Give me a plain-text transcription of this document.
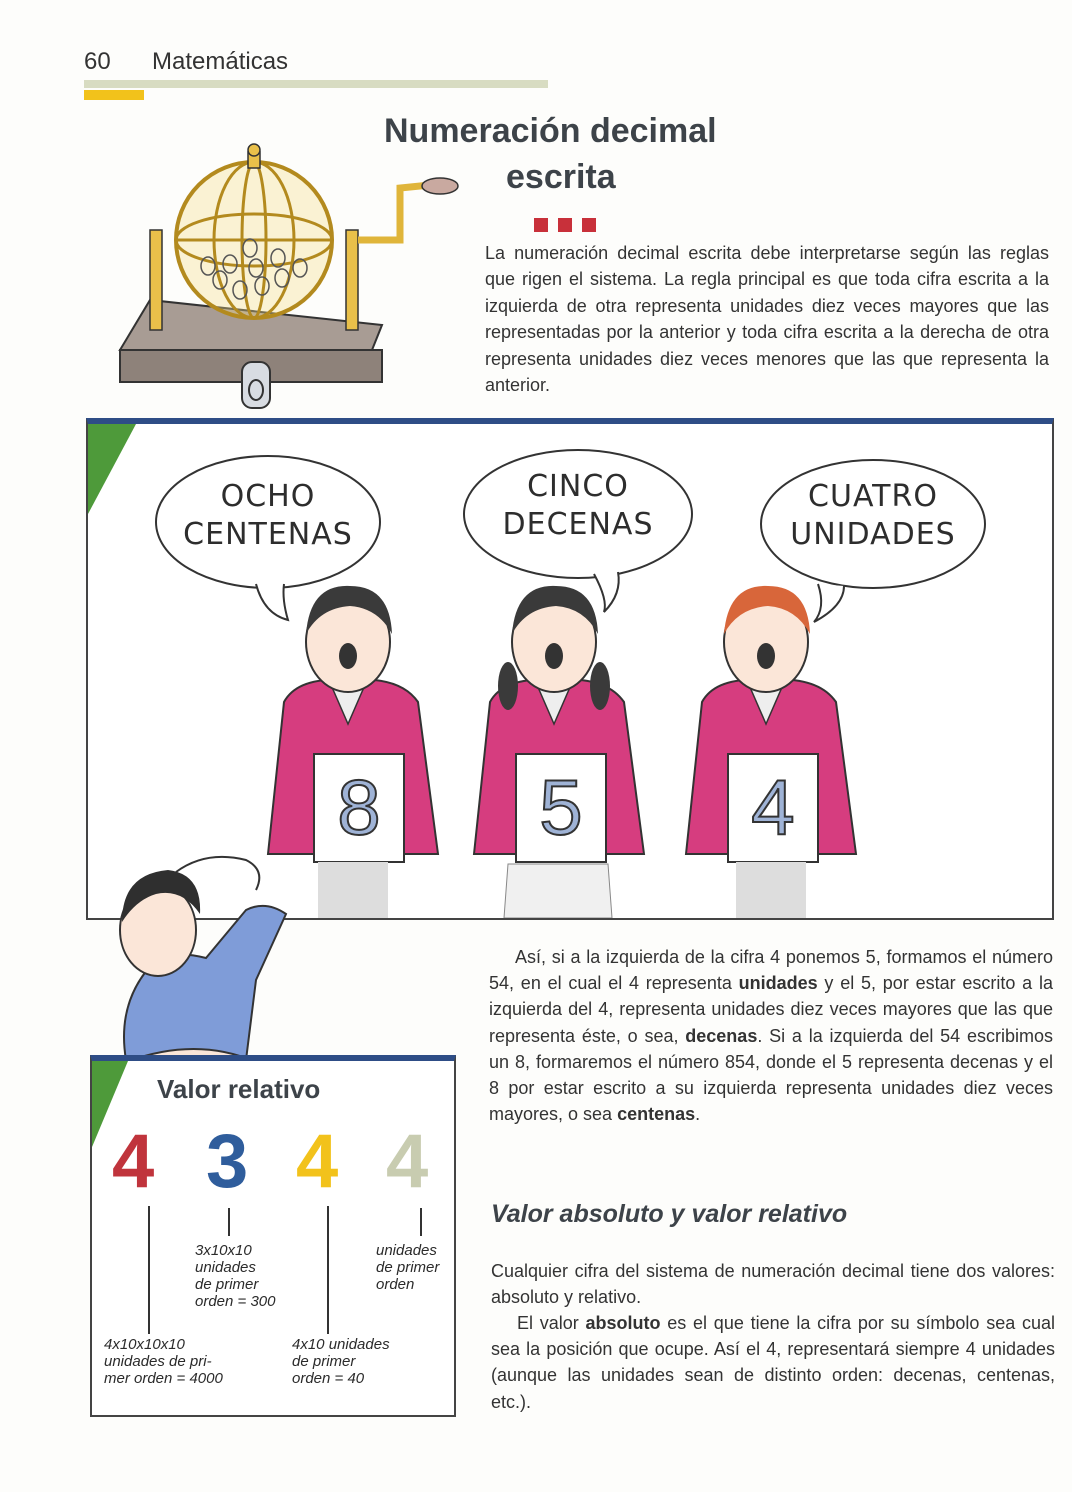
60 Matemáticas
Numeración decimal
escrita
La numeración decimal escrita debe interpretarse según las reglas que rigen el sistema. La regla principal es que toda cifra escrita a la izquierda de otra representa unidades diez veces mayores que las representadas por la anterior y toda cifra escrita a la derecha de otra representa unidades diez veces menores que las que representa la anterior.
OCHO
CENTENAS
CINCO
DECENAS
CUATRO
UNIDADES
8 5 4
Así, si a la izquierda de la cifra 4 ponemos 5, formamos el número 54, en el cual el 4 representa unidades y el 5, por estar escrito a la izquierda del 4, representa unidades diez veces mayores que las que representa éste, o sea, decenas. Si a la izquierda del 54 escribimos un 8, formaremos el número 854, donde el 5 representa decenas y el 8 por estar escrito a su izquierda representa unidades diez veces mayores, o sea centenas.
Valor absoluto y valor relativo
Cualquier cifra del sistema de numeración decimal tiene dos valores: absoluto y relativo.
El valor absoluto es el que tiene la cifra por su símbolo sea cual sea la posición que ocupe. Así el 4, representará siempre 4 unidades (aunque las unidades sean de distinto orden: decenas, centenas, etc.).
Valor relativo
4 3 4 4
3x10x10
unidades
de primer
orden = 300
unidades
de primer
orden
4x10x10x10
unidades de pri-
mer orden = 4000
4x10 unidades
de primer
orden = 40
